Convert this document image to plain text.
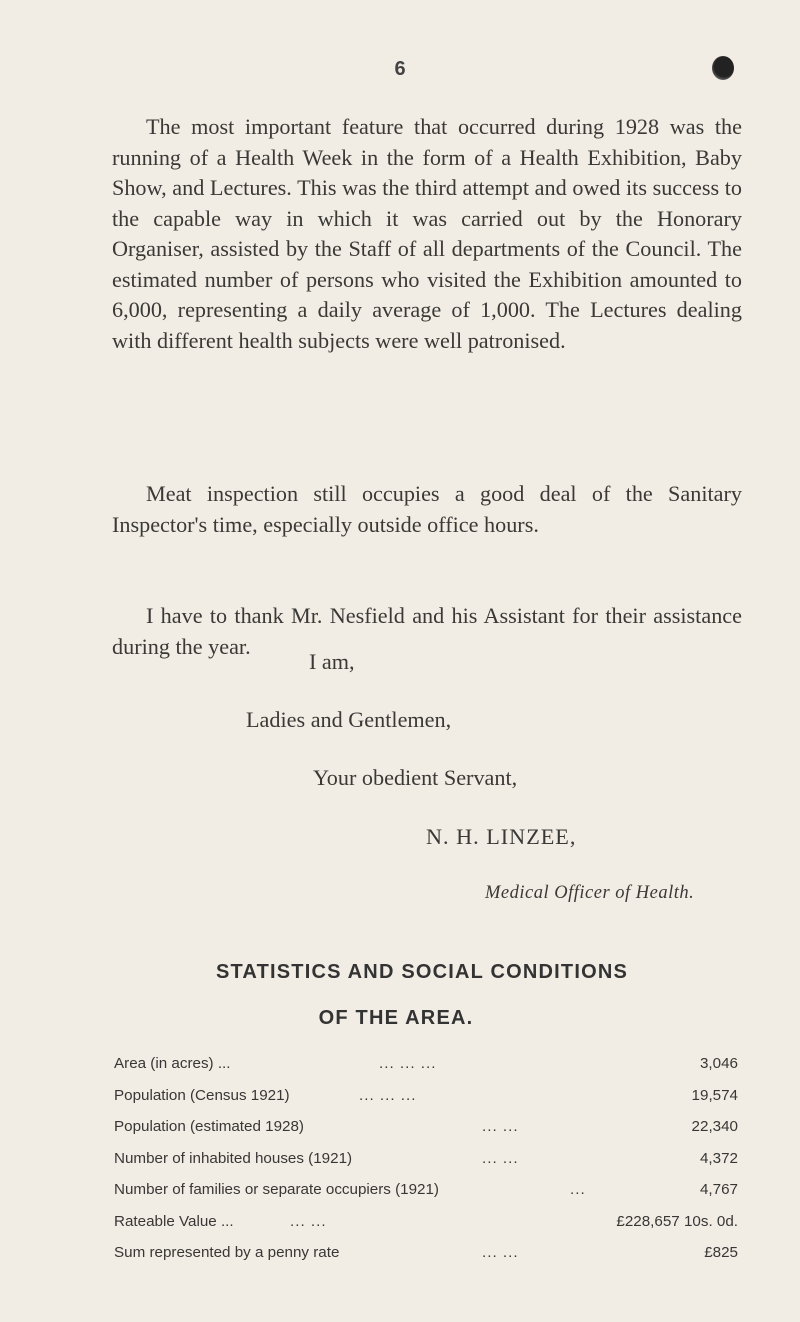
6

The most important feature that occurred during 1928 was the running of a Health Week in the form of a Health Exhibition, Baby Show, and Lectures. This was the third attempt and owed its success to the capable way in which it was carried out by the Honorary Organiser, assisted by the Staff of all departments of the Council. The estimated number of persons who visited the Exhibition amounted to 6,000, representing a daily average of 1,000. The Lectures dealing with different health subjects were well patronised.

Meat inspection still occupies a good deal of the Sanitary Inspector's time, especially outside office hours.

I have to thank Mr. Nesfield and his Assistant for their assistance during the year.

I am,

Ladies and Gentlemen,

Your obedient Servant,

N. H. LINZEE,

Medical Officer of Health.

STATISTICS AND SOCIAL CONDITIONS
OF THE AREA.
Area (in acres) ...	... ... ...	3,046
Population (Census 1921)	... ... ...	19,574
Population (estimated 1928)	... ...	22,340
Number of inhabited houses (1921)	... ...	4,372
Number of families or separate occupiers (1921)	...	4,767
Rateable Value ...	... ...	£228,657 10s. 0d.
Sum represented by a penny rate	... ...	£825
